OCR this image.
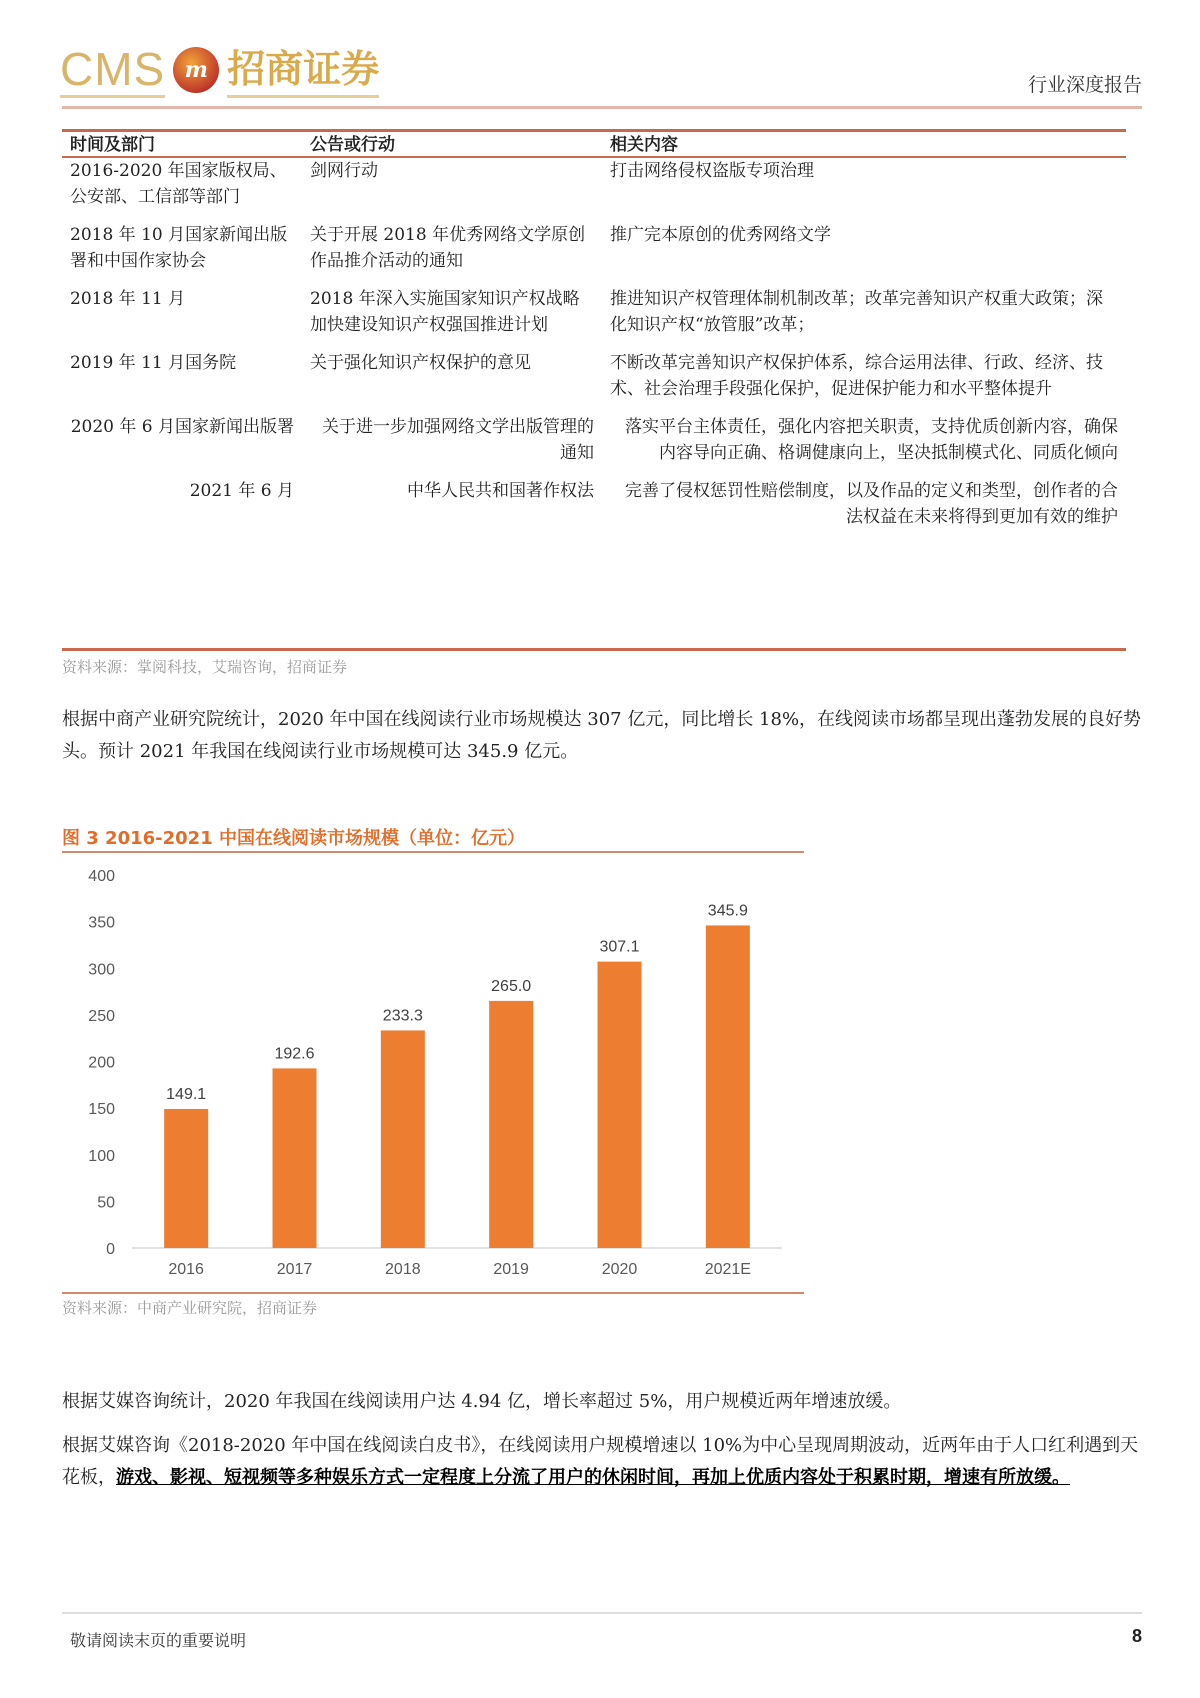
CMS m 招商证券	行业深度报告
时间及部门	公告或行动	相关内容
2016-2020 年国家版权局、公安部、工信部等部门	剑网行动	打击网络侵权盗版专项治理
2018 年 10 月国家新闻出版署和中国作家协会	关于开展 2018 年优秀网络文学原创作品推介活动的通知	推广完本原创的优秀网络文学
2018 年 11 月	2018 年深入实施国家知识产权战略加快建设知识产权强国推进计划	推进知识产权管理体制机制改革；改革完善知识产权重大政策；深化知识产权“放管服”改革；
2019 年 11 月国务院	关于强化知识产权保护的意见	不断改革完善知识产权保护体系，综合运用法律、行政、经济、技术、社会治理手段强化保护，促进保护能力和水平整体提升
2020 年 6 月国家新闻出版署	关于进一步加强网络文学出版管理的通知	落实平台主体责任，强化内容把关职责，支持优质创新内容，确保内容导向正确、格调健康向上，坚决抵制模式化、同质化倾向
2021 年 6 月	中华人民共和国著作权法	完善了侵权惩罚性赔偿制度，以及作品的定义和类型，创作者的合法权益在未来将得到更加有效的维护
资料来源：掌阅科技，艾瑞咨询，招商证券
根据中商产业研究院统计，2020 年中国在线阅读行业市场规模达 307 亿元，同比增长 18%，在线阅读市场都呈现出蓬勃发展的良好势头。预计 2021 年我国在线阅读行业市场规模可达 345.9 亿元。
图 3 2016-2021 中国在线阅读市场规模（单位：亿元）
0
50
100
150
200
250
300
350
400
149.1
2016
192.6
2017
233.3
2018
265.0
2019
307.1
2020
345.9
2021E
资料来源：中商产业研究院，招商证券
根据艾媒咨询统计，2020 年我国在线阅读用户达 4.94 亿，增长率超过 5%，用户规模近两年增速放缓。
根据艾媒咨询《2018-2020 年中国在线阅读白皮书》，在线阅读用户规模增速以 10%为中心呈现周期波动，近两年由于人口红利遇到天花板，游戏、影视、短视频等多种娱乐方式一定程度上分流了用户的休闲时间，再加上优质内容处于积累时期，增速有所放缓。
敬请阅读末页的重要说明	8
